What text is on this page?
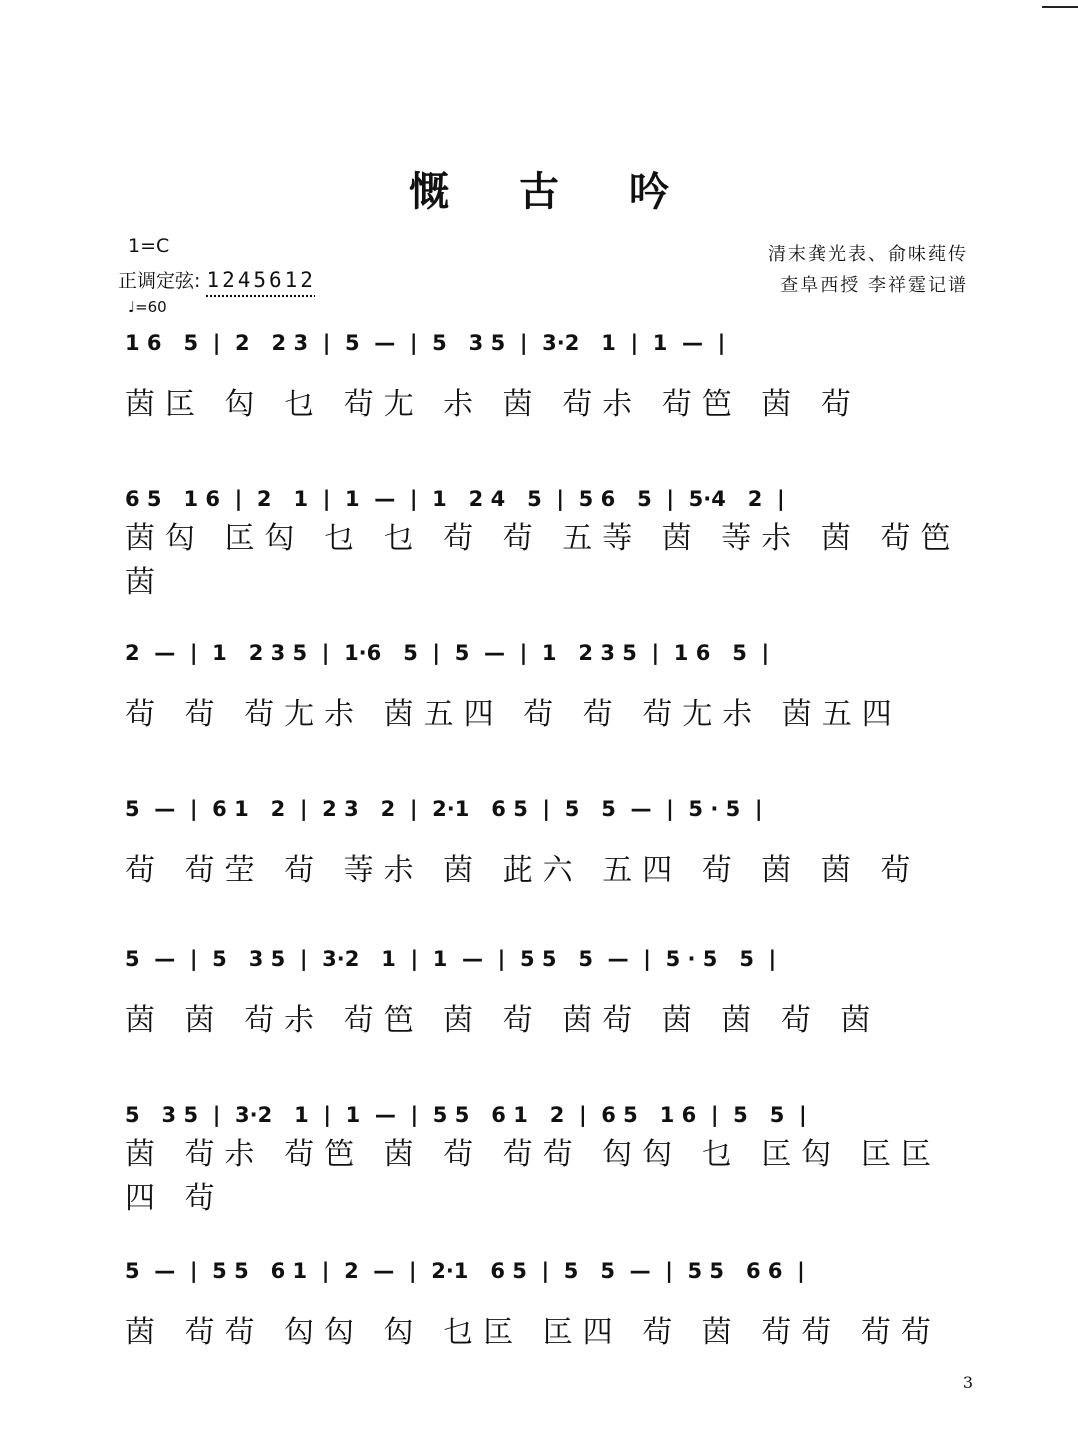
慨古吟
1=C
正调定弦: 1245612
♩=60
清末龚光表、俞味莼传
查阜西授 李祥霆记谱
1 6   5  |  2   2 3  |  5  —  |  5   3 5  |  3·2   1  |  1  —  |
茵匞 匃 乜 茍尢 尗 茵 茍尗 茍笆 茵 茍
6 5   1 6  |  2   1  |  1  —  |  1   2 4   5  |  5 6   5  |  5·4   2  |
茵匃 匞匃 乜 乜 茍 茍 五䓁 茵 䓁尗 茵 茍笆茵
2  —  |  1   2 3 5  |  1·6   5  |  5  —  |  1   2 3 5  |  1 6   5  |
茍 茍 茍尢尗 茵五四 茍 茍 茍尢尗 茵五四
5  —  |  6 1   2  |  2 3   2  |  2·1   6 5  |  5   5  —  |  5 · 5  |
茍 茍茔 茍 䓁尗 茵 茈六 五四 茍 茵 茵 茍
5  —  |  5   3 5  |  3·2   1  |  1  —  |  5 5   5  —  |  5 · 5   5  |
茵 茵 茍尗 茍笆 茵 茍 茵茍 茵 茵 茍 茵
5   3 5  |  3·2   1  |  1  —  |  5 5   6 1   2  |  6 5   1 6  |  5   5  |
茵 茍尗 茍笆 茵 茍 茍茍 匃匃 乜 匞匃 匞匞 四 茍
5  —  |  5 5   6 1  |  2  —  |  2·1   6 5  |  5   5  —  |  5 5   6 6  |
茵 茍茍 匃匃 匃 乜匞 匞四 茍 茵 茍茍 茍茍
3
